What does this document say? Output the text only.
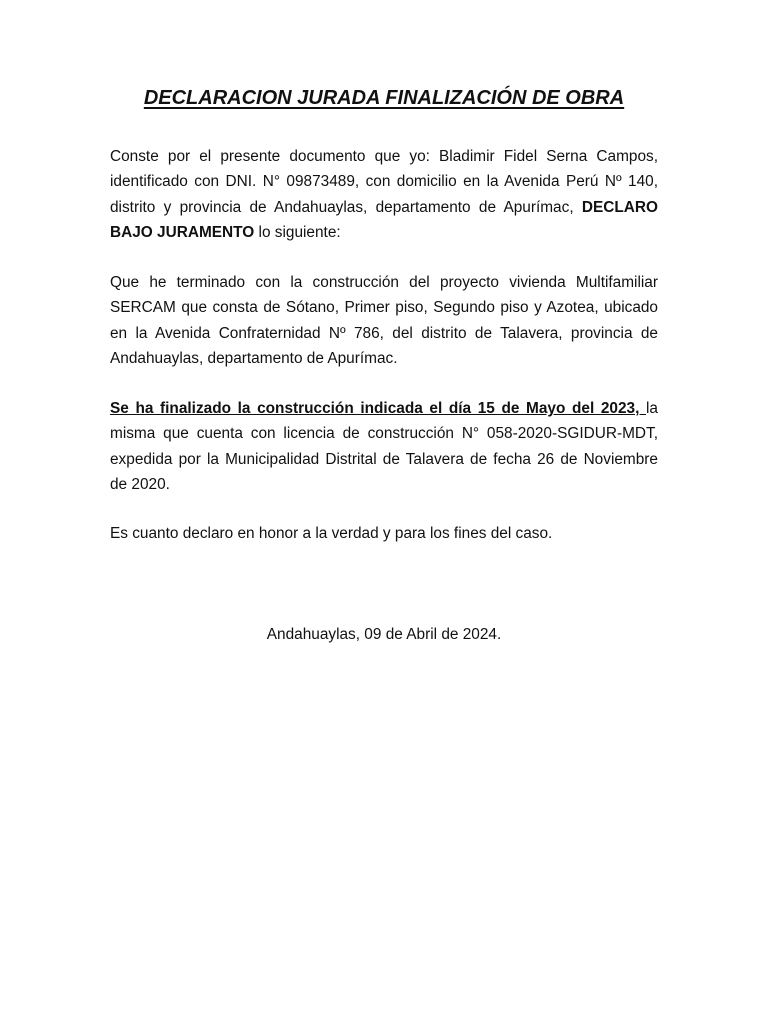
DECLARACION JURADA FINALIZACIÓN DE OBRA

Conste por el presente documento que yo: Bladimir Fidel Serna Campos, identificado con DNI. N° 09873489, con domicilio en la Avenida Perú Nº 140, distrito y provincia de Andahuaylas, departamento de Apurímac, DECLARO BAJO JURAMENTO lo siguiente:

Que he terminado con la construcción del proyecto vivienda Multifamiliar SERCAM que consta de Sótano, Primer piso, Segundo piso y Azotea, ubicado en la Avenida Confraternidad Nº 786, del distrito de Talavera, provincia de Andahuaylas, departamento de Apurímac.

Se ha finalizado la construcción indicada el día 15 de Mayo del 2023, la misma que cuenta con licencia de construcción N° 058-2020-SGIDUR-MDT, expedida por la Municipalidad Distrital de Talavera de fecha 26 de Noviembre de 2020.

Es cuanto declaro en honor a la verdad y para los fines del caso.

Andahuaylas, 09 de Abril de 2024.
